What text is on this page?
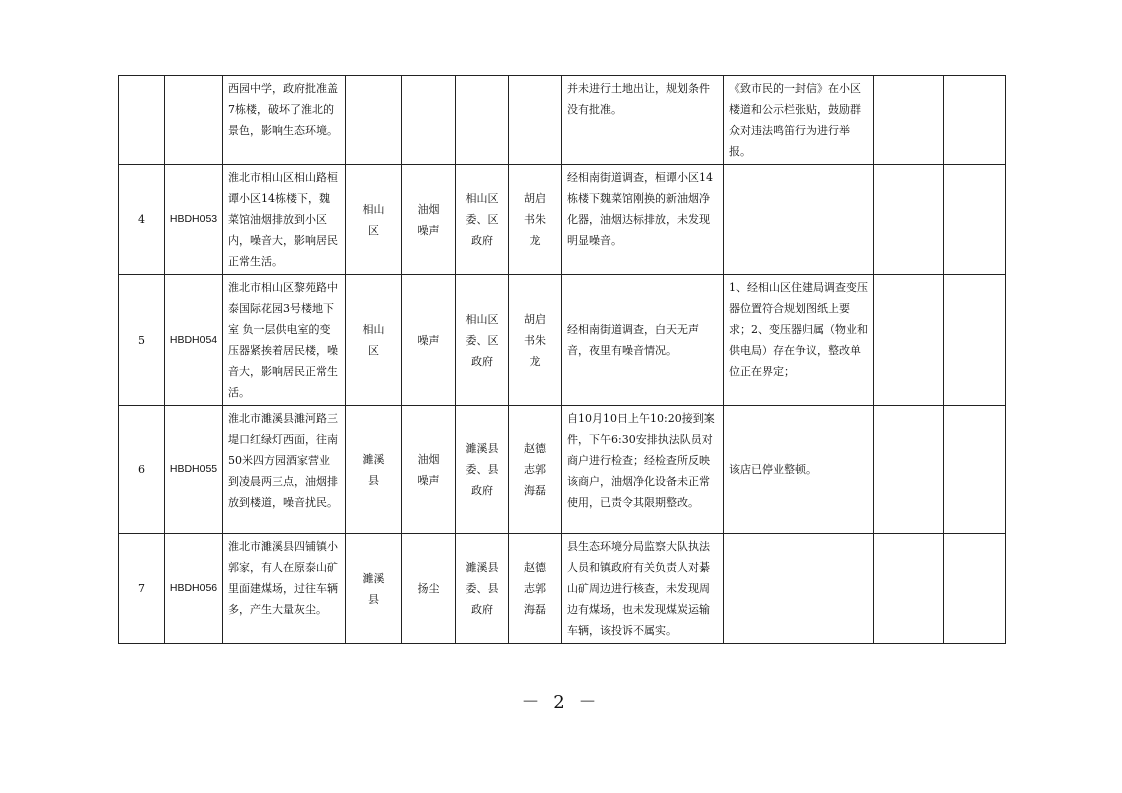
		西园中学，政府批准盖7栋楼，破坏了淮北的景色，影响生态环境。					并未进行土地出让，规划条件没有批准。	《致市民的一封信》在小区楼道和公示栏张贴，鼓励群众对违法鸣笛行为进行举报。		
4	HBDH053	淮北市相山区相山路桓谭小区14栋楼下，魏菜馆油烟排放到小区内，噪音大，影响居民正常生活。	相山区	油烟噪声	相山区委、区政府	胡启书朱龙	经相南街道调查，桓谭小区14栋楼下魏菜馆刚换的新油烟净化器，油烟达标排放，未发现明显噪音。			
5	HBDH054	淮北市相山区黎苑路中泰国际花园3号楼地下室 负一层供电室的变压器紧挨着居民楼，噪音大，影响居民正常生活。	相山区	噪声	相山区委、区政府	胡启书朱龙	经相南街道调查，白天无声音，夜里有噪音情况。	1、经相山区住建局调查变压器位置符合规划图纸上要求；2、变压器归属（物业和供电局）存在争议，整改单位正在界定；		
6	HBDH055	淮北市濉溪县濉河路三堤口红绿灯西面，往南50米四方园酒家营业到凌晨两三点，油烟排放到楼道，噪音扰民。	濉溪县	油烟噪声	濉溪县委、县政府	赵德志郭海磊	自10月10日上午10:20接到案件，下午6:30安排执法队员对商户进行检查；经检查所反映该商户，油烟净化设备未正常使用，已责令其限期整改。	该店已停业整顿。		
7	HBDH056	淮北市濉溪县四铺镇小郭家，有人在原泰山矿里面建煤场，过往车辆多，产生大量灰尘。	濉溪县	扬尘	濉溪县委、县政府	赵德志郭海磊	县生态环境分局监察大队执法人员和镇政府有关负责人对綦山矿周边进行核查，未发现周边有煤场，也未发现煤炭运输车辆，该投诉不属实。			
－ 2 －
